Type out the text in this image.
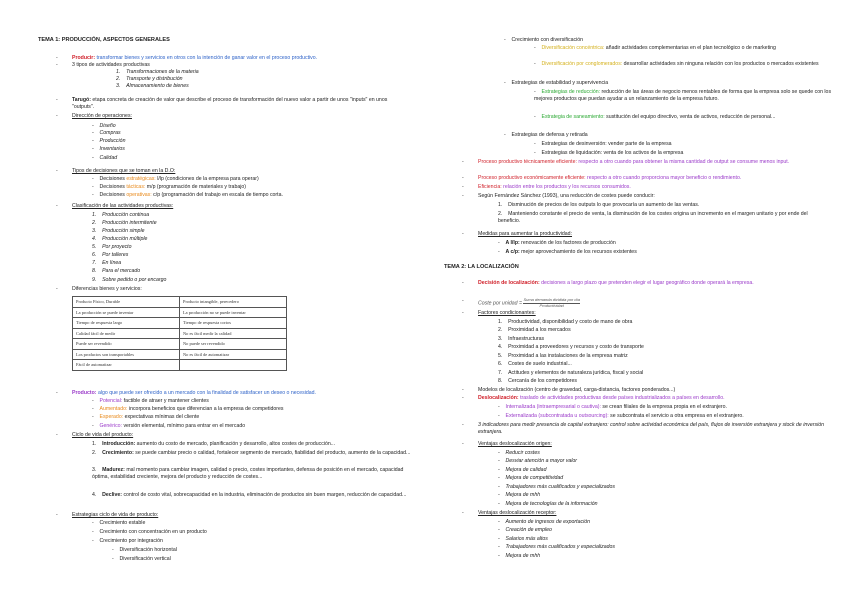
TEMA 1: PRODUCCIÓN, ASPECTOS GENERALES
-	Producir: transformar bienes y servicios en otros con la intención de ganar valor en el proceso productivo.
-	3 tipos de actividades productivas
1.    Transformaciones de la materia
2.    Transporte y distribución
3.    Almacenamiento de bienes
-	Tarugó: etapa concreta de creación de valor que describe el proceso de transformación del nuevo valor a partir de unos "inputs" en unos "outputs".
-	Dirección de operaciones:
-    Diseño
-    Compras
-    Producción
-    Inventarios
-    Calidad
-	Tipos de decisiones que se toman en la D.O:
-    Decisiones estratégicas: l/lp (condiciones de la empresa para operar)
-    Decisiones tácticas: m/p (programación de materiales y trabajo)
-    Decisiones operativas: c/p (programación del trabajo en escala de tiempo corta.
-	Clasificación de las actividades productivas:
1.    Producción continua
2.    Producción intermitente
3.    Producción simple
4.    Producción múltiple
5.    Por proyecto
6.    Por talleres
7.    En línea
8.    Para el mercado
9.    Sobre pedido o por encargo
-	Diferencias bienes y servicios:
Producto Físico, Durable	Producto intangible, perecedero
La producción se puede inventar	La producción no se puede inventar
Tiempo de respuesta largo	Tiempo de respuesta cortos
Calidad fácil de medir	No es fácil medir la calidad
Puede ser revendido	No puede ser revendido
Los productos son transportables	No es fácil de automatizar
Fácil de automatizar	
-	Producto: algo que puede ser ofrecido a un mercado con la finalidad de satisfacer un deseo o necesidad.
-    Potencial: factible de atraer y mantener clientes
-    Aumentado: incorpora beneficios que diferencian a la empresa de competidores
-    Esperado: expectativas mínimas del cliente
-    Genérico: versión elemental, mínimo para entrar en el mercado
-	Ciclo de vida del producto:
1.    Introducción: aumento du costo de mercado, planificación y desarrollo, altos costes de producción...
2.    Crecimiento: se puede cambiar precio o calidad, fortalecer segmento de mercado, fiabilidad del producto, aumento de la capacidad...
3.    Madurez: mal momento para cambiar imagen, calidad o precio, costes importantes, defensa de posición en el mercado, capacidad óptima, estabilidad creciente, mejora del producto y reducción de costes...
4.    Declive: control de costo vital, sobrecapacidad en la industria, eliminación de productos sin buen margen, reducción de capacidad...
-	Estrategias ciclo de vida de producto:
-    Crecimiento estable
-    Crecimiento con concentración en un producto
-    Crecimiento por integración
-    Diversificación horizontal
-    Diversificación vertical
-    Crecimiento con diversificación
-    Diversificación concéntrica: añadir actividades complementarias en el plan tecnológico o de marketing
-    Diversificación por conglomerados: desarrollar actividades sin ninguna relación con los productos o mercados existentes
-    Estrategias de estabilidad y supervivencia
-    Estrategias de reducción: reducción de las áreas de negocio menos rentables de forma que la empresa solo se quede con los mejores productos que puedan ayudar a un relanzamiento de la empresa futuro.
-    Estrategia de saneamiento: sustitución del equipo directivo, venta de activos, reducción de personal...
-    Estrategias de defensa y retirada
-    Estrategias de desinversión: vender parte de la empresa
-    Estrategias de liquidación: venta de los activos de la empresa
-	Proceso productivo técnicamente eficiente: respecto a otro cuando para obtener la misma cantidad de output se consume menos input.
-	Proceso productivo económicamente eficiente: respecto a otro cuando proporciona mayor beneficio o rendimiento.
-	Eficiencia: relación entre los productos y los recursos consumidos.
-	Según Fernández Sánchez (1993), una reducción de costes puede conducir:
1.    Disminución de precios de los outputs lo que provocaría un aumento de las ventas.
2.    Manteniendo constante el precio de venta, la disminución de los costes origina un incremento en el margen unitario y por ende del beneficio.
-	Medidas para aumentar la productividad:
-    A l/lp: renovación de los factores de producción
-    A c/p: mejor aprovechamiento de los recursos existentes
TEMA 2: LA LOCALIZACIÓN
-	Decisión de localización: decisiones a largo plazo que pretenden elegir el lugar geográfico donde operará la empresa.
-	Coste por unidad =
Suma demanda dividida por día
Productividad
-	Factores condicionantes:
1.    Productividad, disponibilidad y costo de mano de obra
2.    Proximidad a los mercados
3.    Infraestructuras
4.    Proximidad a proveedores y recursos y costo de transporte
5.    Proximidad a las instalaciones de la empresa matriz
6.    Costes de suelo industrial...
7.    Actitudes y elementos de naturaleza jurídica, fiscal y social
8.    Cercanía de los competidores
-	Modelos de localización (centro de gravedad, carga-distancia, factores ponderados...)
-	Deslocalización: traslado de actividades productivas desde países industrializados a países en desarrollo.
-    Internalizada (intraempresarial o cautiva): se crean filiales de la empresa propia en el extranjero.
-    Externalizada (subcontratada u outsourcing): se subcontrata el servicio a otra empresa en el extranjero.
-	3 indicadores para medir presencia de capital extranjero: control sobre actividad económica del país, flujos de inversión extranjera y stock de inversión extranjera.
-	Ventajas deslocalización origen:
-    Reducir costes
-    Desviar atención a mayor valor
-    Mejora de calidad
-    Mejora de competitividad
-    Trabajadores más cualificados y especializados
-    Mejora de mhh
-    Mejora de tecnologías de la información
-	Ventajas deslocalización receptor:
-    Aumento de ingresos de exportación
-    Creación de empleo
-    Salarios más altos
-    Trabajadores más cualificados y especializados
-    Mejora de mhh
